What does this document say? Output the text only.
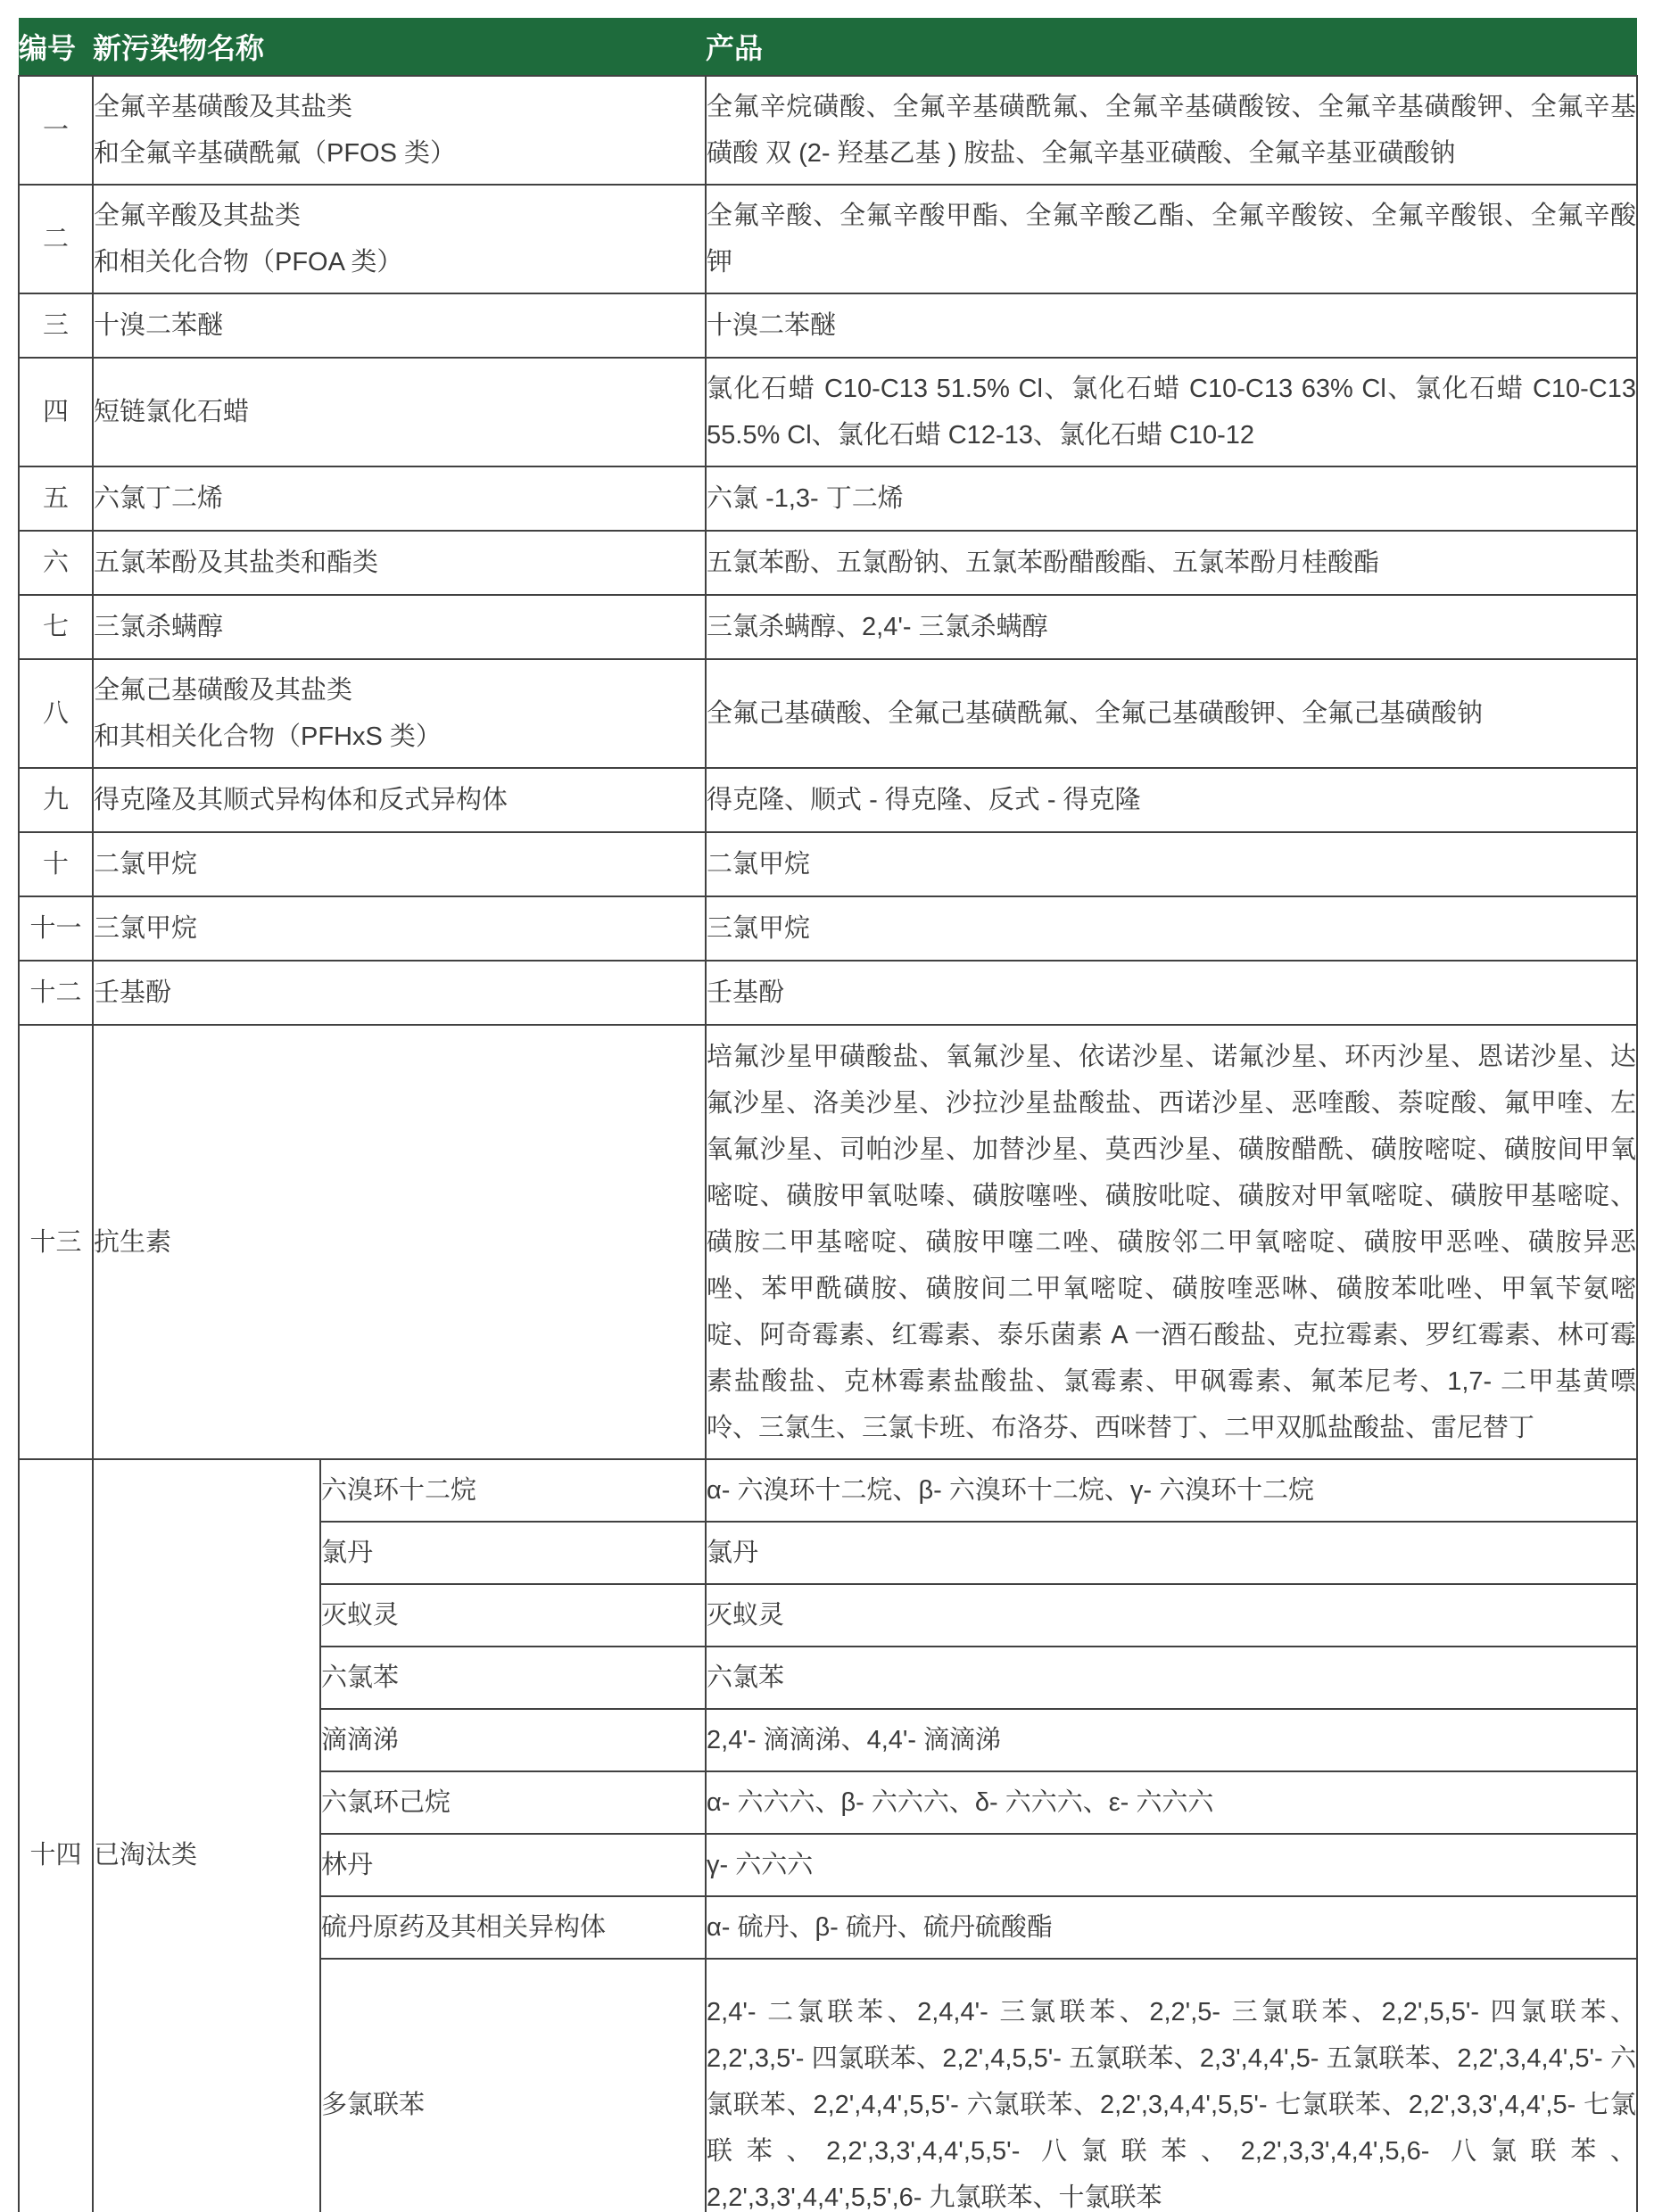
编号	新污染物名称		产品
一	全氟辛基磺酸及其盐类
和全氟辛基磺酰氟（PFOS 类）		全氟辛烷磺酸、全氟辛基磺酰氟、全氟辛基磺酸铵、全氟辛基磺酸钾、全氟辛基磺酸 双 (2- 羟基乙基 ) 胺盐、全氟辛基亚磺酸、全氟辛基亚磺酸钠
二	全氟辛酸及其盐类
和相关化合物（PFOA 类）		全氟辛酸、全氟辛酸甲酯、全氟辛酸乙酯、全氟辛酸铵、全氟辛酸银、全氟辛酸钾
三	十溴二苯醚		十溴二苯醚
四	短链氯化石蜡		氯化石蜡 C10-C13 51.5% Cl、氯化石蜡 C10-C13 63% Cl、氯化石蜡 C10-C13 55.5% Cl、氯化石蜡 C12-13、氯化石蜡 C10-12
五	六氯丁二烯		六氯 -1,3- 丁二烯
六	五氯苯酚及其盐类和酯类		五氯苯酚、五氯酚钠、五氯苯酚醋酸酯、五氯苯酚月桂酸酯
七	三氯杀螨醇		三氯杀螨醇、2,4'- 三氯杀螨醇
八	全氟己基磺酸及其盐类
和其相关化合物（PFHxS 类）		全氟己基磺酸、全氟己基磺酰氟、全氟己基磺酸钾、全氟己基磺酸钠
九	得克隆及其顺式异构体和反式异构体		得克隆、顺式 - 得克隆、反式 - 得克隆
十	二氯甲烷		二氯甲烷
十一	三氯甲烷		三氯甲烷
十二	壬基酚		壬基酚
十三	抗生素		培氟沙星甲磺酸盐、氧氟沙星、依诺沙星、诺氟沙星、环丙沙星、恩诺沙星、达氟沙星、洛美沙星、沙拉沙星盐酸盐、西诺沙星、恶喹酸、萘啶酸、氟甲喹、左氧氟沙星、司帕沙星、加替沙星、莫西沙星、磺胺醋酰、磺胺嘧啶、磺胺间甲氧嘧啶、磺胺甲氧哒嗪、磺胺噻唑、磺胺吡啶、磺胺对甲氧嘧啶、磺胺甲基嘧啶、磺胺二甲基嘧啶、磺胺甲噻二唑、磺胺邻二甲氧嘧啶、磺胺甲恶唑、磺胺异恶唑、苯甲酰磺胺、磺胺间二甲氧嘧啶、磺胺喹恶啉、磺胺苯吡唑、甲氧苄氨嘧啶、阿奇霉素、红霉素、泰乐菌素 A 一酒石酸盐、克拉霉素、罗红霉素、林可霉素盐酸盐、克林霉素盐酸盐、氯霉素、甲砜霉素、氟苯尼考、1,7- 二甲基黄嘌呤、三氯生、三氯卡班、布洛芬、西咪替丁、二甲双胍盐酸盐、雷尼替丁
十四	已淘汰类	六溴环十二烷	α- 六溴环十二烷、β- 六溴环十二烷、γ- 六溴环十二烷
		氯丹	氯丹
		灭蚁灵	灭蚁灵
		六氯苯	六氯苯
		滴滴涕	2,4'- 滴滴涕、4,4'- 滴滴涕
		六氯环己烷	α- 六六六、β- 六六六、δ- 六六六、ε- 六六六
		林丹	γ- 六六六
		硫丹原药及其相关异构体	α- 硫丹、β- 硫丹、硫丹硫酸酯
		多氯联苯	2,4'- 二氯联苯、2,4,4'- 三氯联苯、2,2',5- 三氯联苯、2,2',5,5'- 四氯联苯、2,2',3,5'- 四氯联苯、2,2',4,5,5'- 五氯联苯、2,3',4,4',5- 五氯联苯、2,2',3,4,4',5'- 六氯联苯、2,2',4,4',5,5'- 六氯联苯、2,2',3,4,4',5,5'- 七氯联苯、2,2',3,3',4,4',5- 七氯联苯、2,2',3,3',4,4',5,5'- 八氯联苯、2,2',3,3',4,4',5,6- 八氯联苯、2,2',3,3',4,4',5,5',6- 九氯联苯、十氯联苯
